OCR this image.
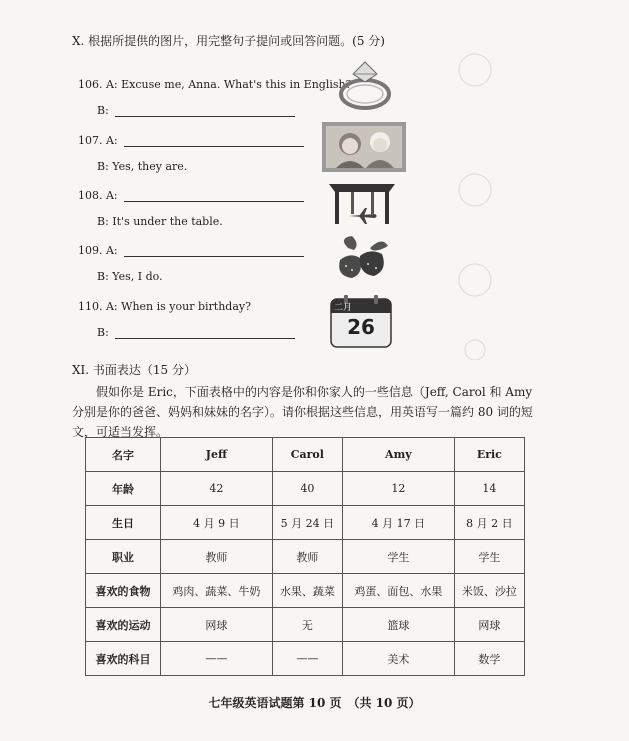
X. 根据所提供的图片，用完整句子提问或回答问题。(5 分)
106. A: Excuse me, Anna. What's this in English?
B:
107. A:
B: Yes, they are.
108. A:
B: It's under the table.
109. A:
B: Yes, I do.
110. A: When is your birthday?
B:
二月
26
XI. 书面表达（15 分）
　　假如你是 Eric，下面表格中的内容是你和你家人的一些信息（Jeff, Carol 和 Amy 分别是你的爸爸、妈妈和妹妹的名字）。请你根据这些信息，用英语写一篇约 80 词的短文，可适当发挥。
名字	Jeff	Carol	Amy	Eric
年龄	42	40	12	14
生日	4 月 9 日	5 月 24 日	4 月 17 日	8 月 2 日
职业	教师	教师	学生	学生
喜欢的食物	鸡肉、蔬菜、牛奶	水果、蔬菜	鸡蛋、面包、水果	米饭、沙拉
喜欢的运动	网球	无	篮球	网球
喜欢的科目	——	——	美术	数学
七年级英语试题第 10 页　（共 10 页）
